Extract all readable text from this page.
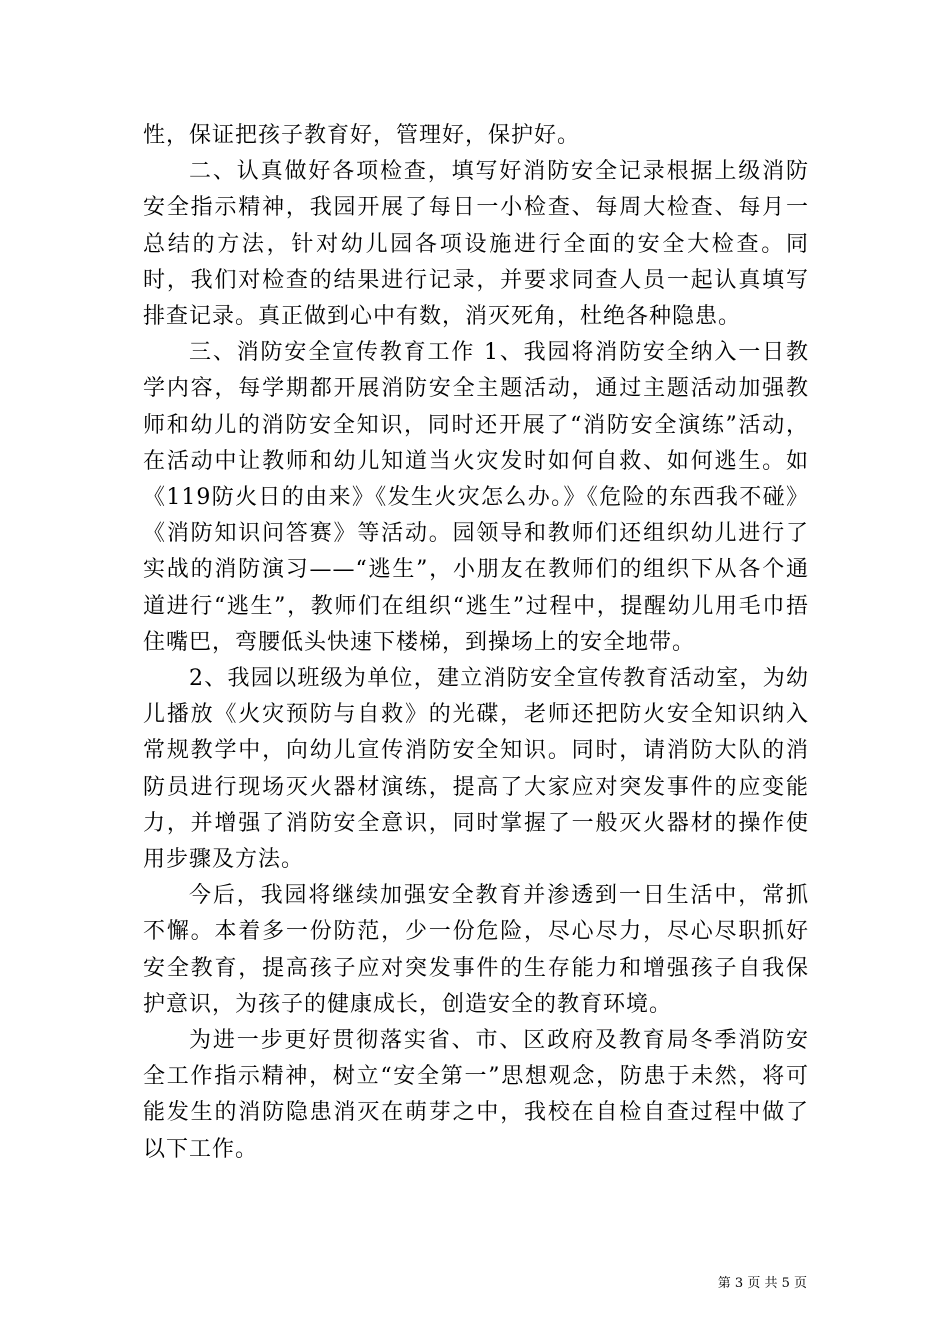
性，保证把孩子教育好，管理好，保护好。

二、认真做好各项检查，填写好消防安全记录根据上级消防安全指示精神，我园开展了每日一小检查、每周大检查、每月一总结的方法，针对幼儿园各项设施进行全面的安全大检查。同时，我们对检查的结果进行记录，并要求同查人员一起认真填写排查记录。真正做到心中有数，消灭死角，杜绝各种隐患。

三、消防安全宣传教育工作 1、我园将消防安全纳入一日教学内容，每学期都开展消防安全主题活动，通过主题活动加强教师和幼儿的消防安全知识，同时还开展了“消防安全演练”活动，在活动中让教师和幼儿知道当火灾发时如何自救、如何逃生。如《119防火日的由来》《发生火灾怎么办。》《危险的东西我不碰》《消防知识问答赛》等活动。园领导和教师们还组织幼儿进行了实战的消防演习——“逃生”，小朋友在教师们的组织下从各个通道进行“逃生”，教师们在组织“逃生”过程中，提醒幼儿用毛巾捂住嘴巴，弯腰低头快速下楼梯，到操场上的安全地带。

2、我园以班级为单位，建立消防安全宣传教育活动室，为幼儿播放《火灾预防与自救》的光碟，老师还把防火安全知识纳入常规教学中，向幼儿宣传消防安全知识。同时，请消防大队的消防员进行现场灭火器材演练，提高了大家应对突发事件的应变能力，并增强了消防安全意识，同时掌握了一般灭火器材的操作使用步骤及方法。

今后，我园将继续加强安全教育并渗透到一日生活中，常抓不懈。本着多一份防范，少一份危险，尽心尽力，尽心尽职抓好安全教育，提高孩子应对突发事件的生存能力和增强孩子自我保护意识，为孩子的健康成长，创造安全的教育环境。

为进一步更好贯彻落实省、市、区政府及教育局冬季消防安全工作指示精神，树立“安全第一”思想观念，防患于未然，将可能发生的消防隐患消灭在萌芽之中，我校在自检自查过程中做了以下工作。

第 3 页 共 5 页
